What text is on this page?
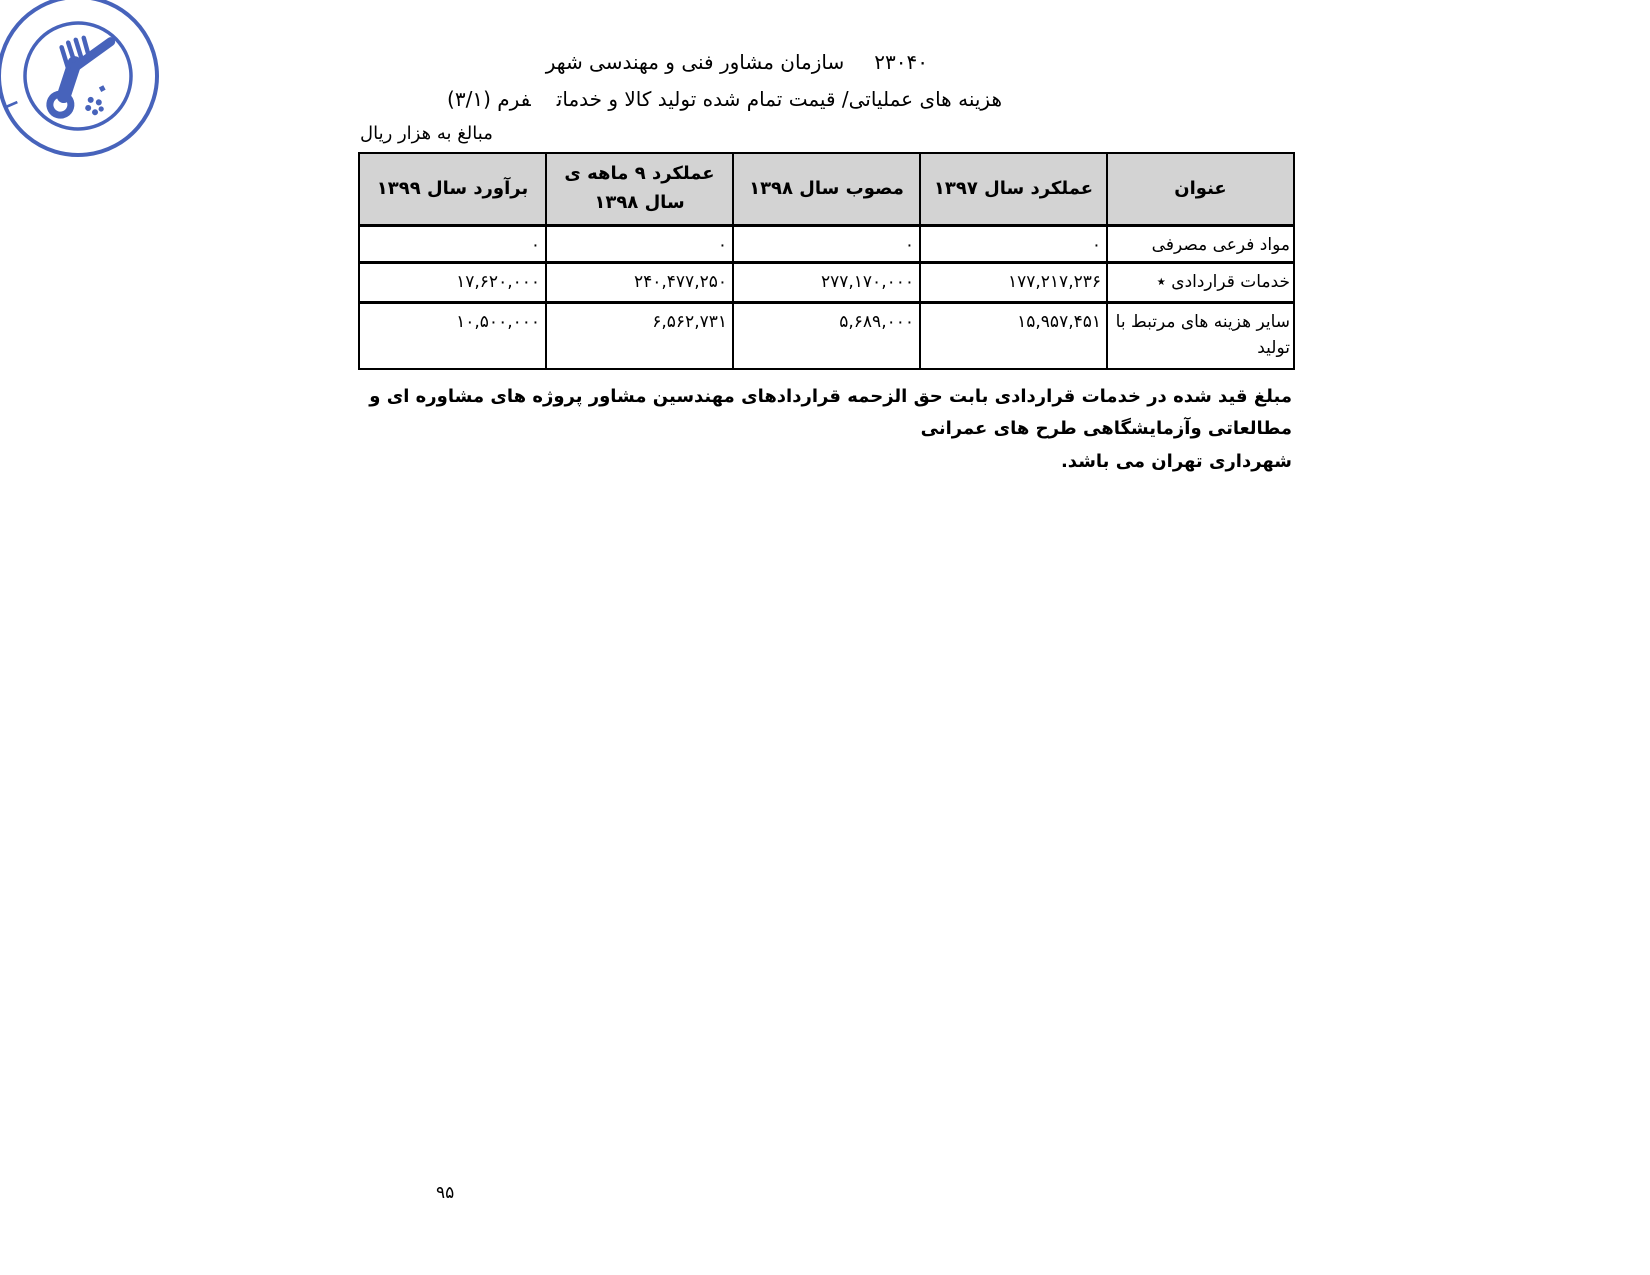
اداره مصوبات شورای اسلامی شهر تهران
۲۳۰۴۰سازمان مشاور فنی و مهندسی شهر
هزینه های عملیاتی/ قیمت تمام شده تولید کالا و خدماتفرم (۳/۱)
مبالغ به هزار ریال
عنوان	عملکرد سال ۱۳۹۷	مصوب سال ۱۳۹۸	عملکرد ۹ ماهه ی سال ۱۳۹۸	برآورد سال ۱۳۹۹
مواد فرعی مصرفی	۰	۰	۰	۰
خدمات قراردادی ٭	۱۷۷,۲۱۷,۲۳۶	۲۷۷,۱۷۰,۰۰۰	۲۴۰,۴۷۷,۲۵۰	۱۷,۶۲۰,۰۰۰
سایر هزینه های مرتبط با تولید	۱۵,۹۵۷,۴۵۱	۵,۶۸۹,۰۰۰	۶,۵۶۲,۷۳۱	۱۰,۵۰۰,۰۰۰
مبلغ قید شده در خدمات قراردادی بابت حق الزحمه قراردادهای مهندسین مشاور پروژه های مشاوره ای و مطالعاتی وآزمایشگاهی طرح های عمرانی
شهرداری تهران می باشد.
۹۵
